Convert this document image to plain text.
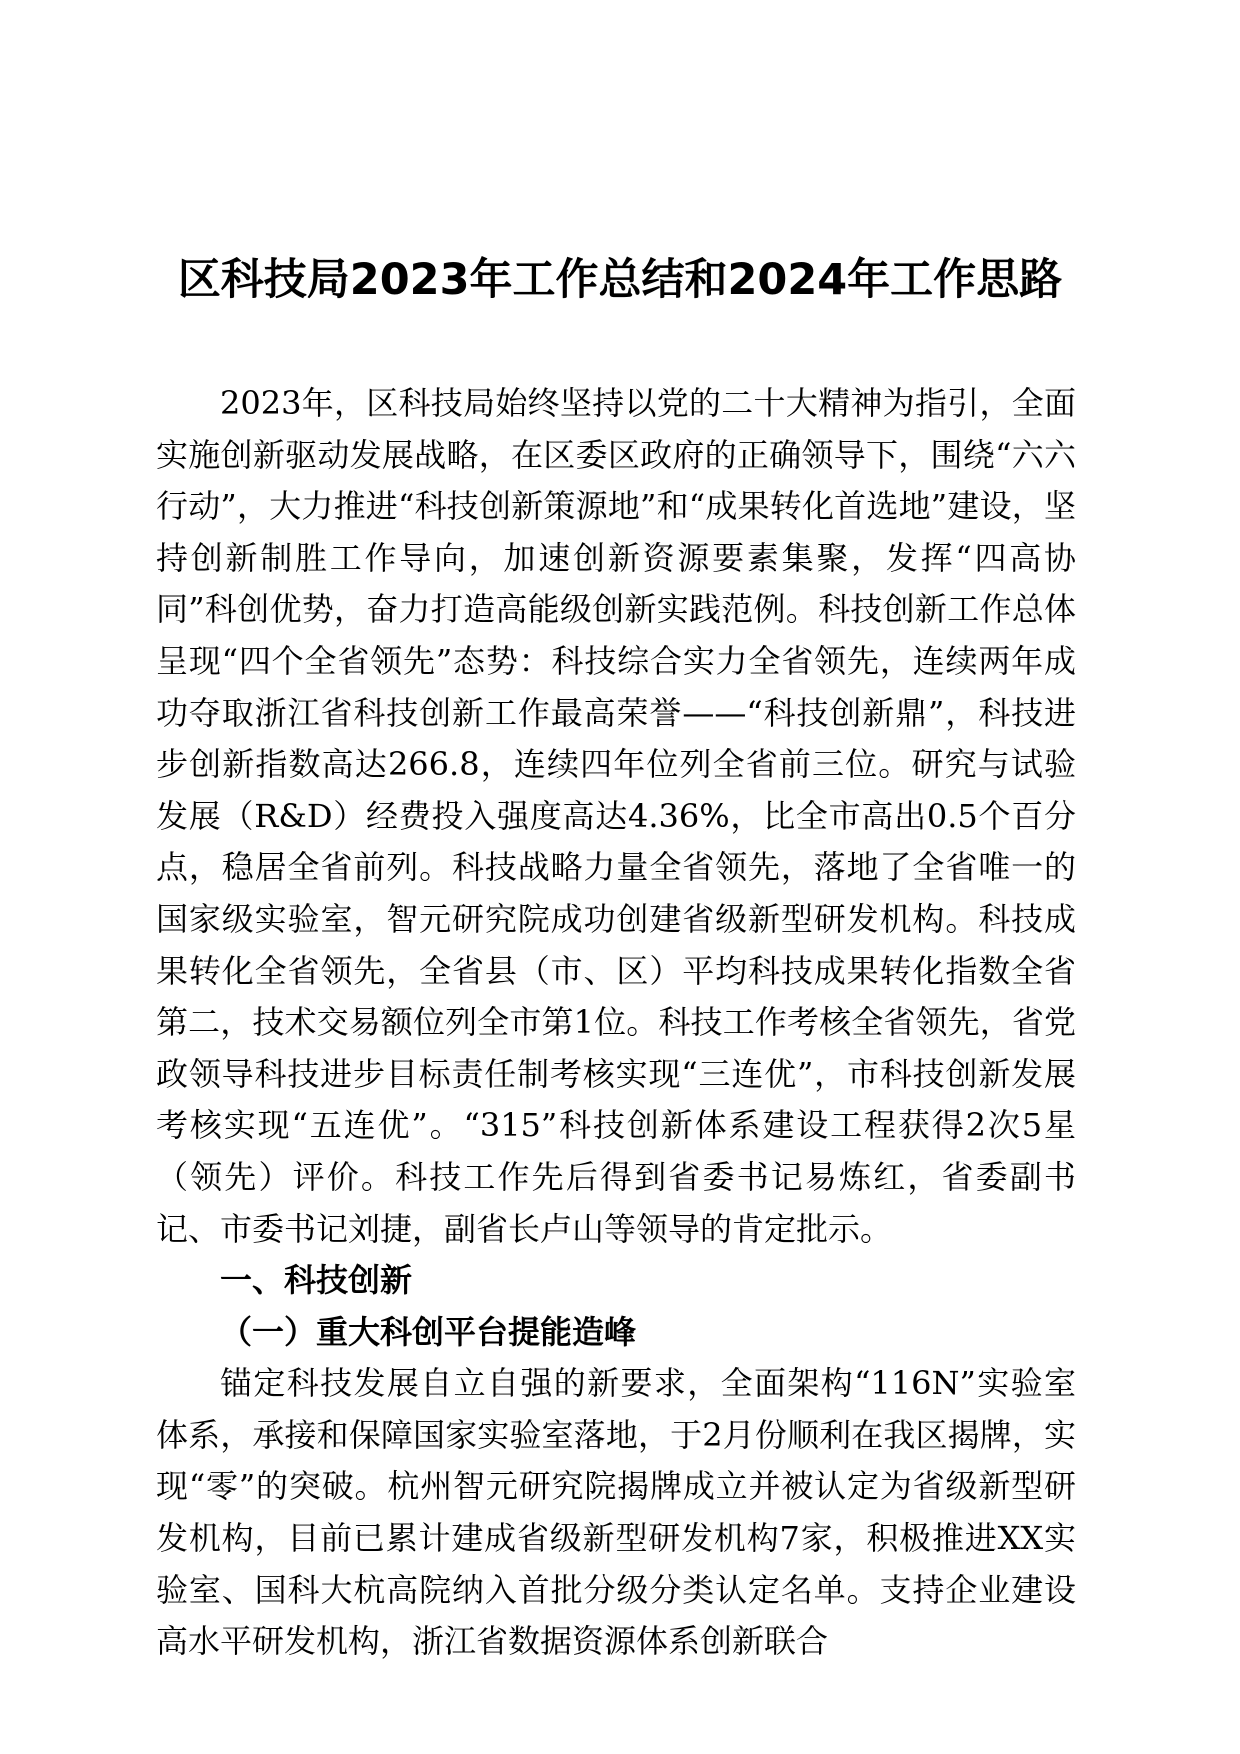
区科技局2023年工作总结和2024年工作思路

2023年，区科技局始终坚持以党的二十大精神为指引，全面实施创新驱动发展战略，在区委区政府的正确领导下，围绕“六六行动”，大力推进“科技创新策源地”和“成果转化首选地”建设，坚持创新制胜工作导向，加速创新资源要素集聚，发挥“四高协同”科创优势，奋力打造高能级创新实践范例。科技创新工作总体呈现“四个全省领先”态势：科技综合实力全省领先，连续两年成功夺取浙江省科技创新工作最高荣誉——“科技创新鼎”，科技进步创新指数高达266.8，连续四年位列全省前三位。研究与试验发展（R&D）经费投入强度高达4.36%，比全市高出0.5个百分点，稳居全省前列。科技战略力量全省领先，落地了全省唯一的国家级实验室，智元研究院成功创建省级新型研发机构。科技成果转化全省领先，全省县（市、区）平均科技成果转化指数全省第二，技术交易额位列全市第1位。科技工作考核全省领先，省党政领导科技进步目标责任制考核实现“三连优”，市科技创新发展考核实现“五连优”。“315”科技创新体系建设工程获得2次5星（领先）评价。科技工作先后得到省委书记易炼红，省委副书记、市委书记刘捷，副省长卢山等领导的肯定批示。

一、科技创新
（一）重大科创平台提能造峰

锚定科技发展自立自强的新要求，全面架构“116N”实验室体系，承接和保障国家实验室落地，于2月份顺利在我区揭牌，实现“零”的突破。杭州智元研究院揭牌成立并被认定为省级新型研发机构，目前已累计建成省级新型研发机构7家，积极推进XX实验室、国科大杭高院纳入首批分级分类认定名单。支持企业建设高水平研发机构，浙江省数据资源体系创新联合
